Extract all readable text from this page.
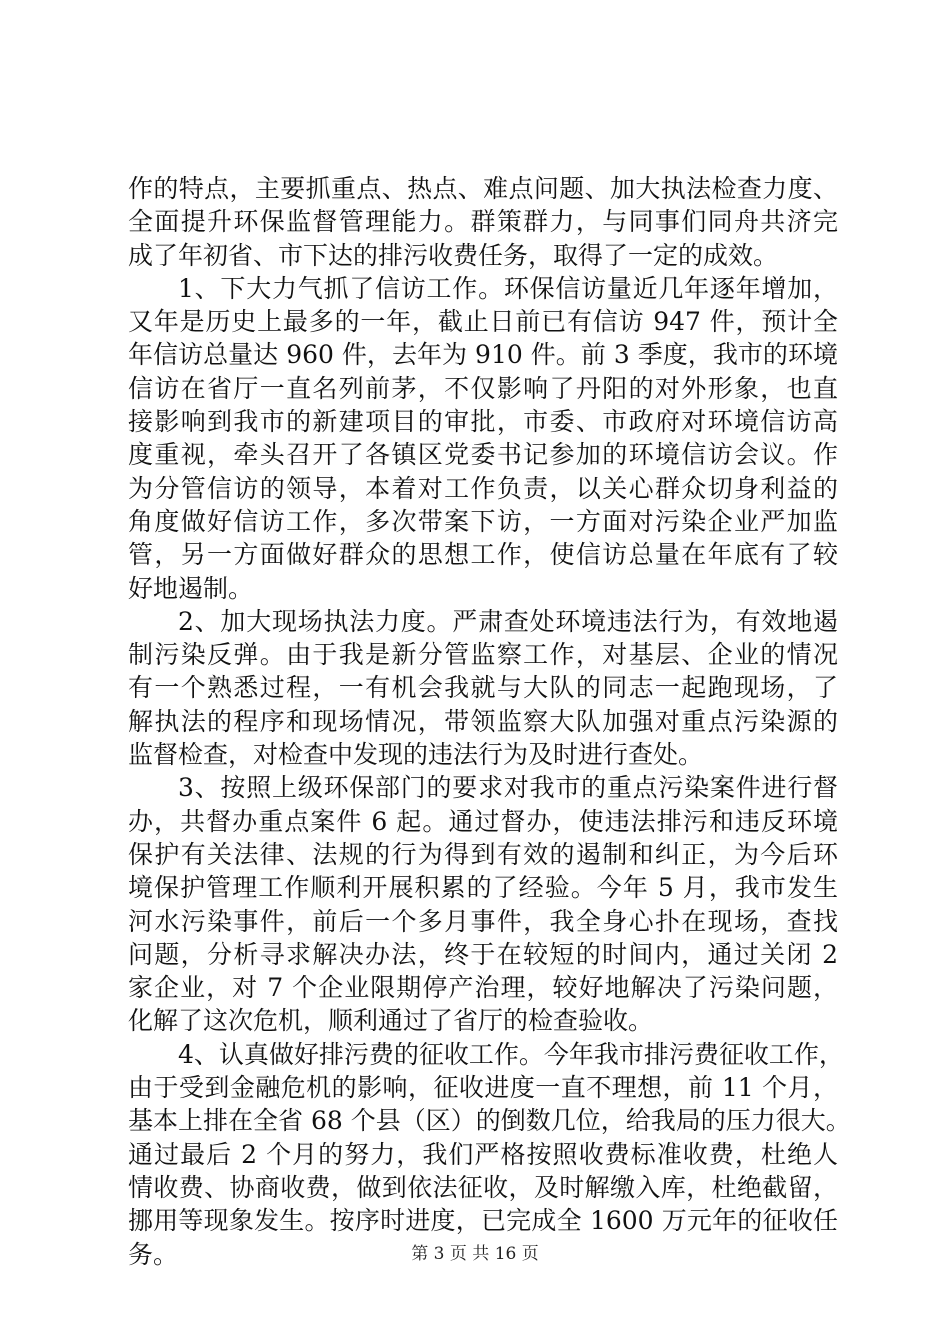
作的特点，主要抓重点、热点、难点问题、加大执法检查力度、
全面提升环保监督管理能力。群策群力，与同事们同舟共济完
成了年初省、市下达的排污收费任务，取得了一定的成效。
1、下大力气抓了信访工作。环保信访量近几年逐年增加，
又年是历史上最多的一年，截止日前已有信访 947 件，预计全
年信访总量达 960 件，去年为 910 件。前 3 季度，我市的环境
信访在省厅一直名列前茅，不仅影响了丹阳的对外形象，也直
接影响到我市的新建项目的审批，市委、市政府对环境信访高
度重视，牵头召开了各镇区党委书记参加的环境信访会议。作
为分管信访的领导，本着对工作负责，以关心群众切身利益的
角度做好信访工作，多次带案下访，一方面对污染企业严加监
管，另一方面做好群众的思想工作，使信访总量在年底有了较
好地遏制。
2、加大现场执法力度。严肃查处环境违法行为，有效地遏
制污染反弹。由于我是新分管监察工作，对基层、企业的情况
有一个熟悉过程，一有机会我就与大队的同志一起跑现场，了
解执法的程序和现场情况，带领监察大队加强对重点污染源的
监督检查，对检查中发现的违法行为及时进行查处。
3、按照上级环保部门的要求对我市的重点污染案件进行督
办，共督办重点案件 6 起。通过督办，使违法排污和违反环境
保护有关法律、法规的行为得到有效的遏制和纠正，为今后环
境保护管理工作顺利开展积累的了经验。今年 5 月，我市发生
河水污染事件，前后一个多月事件，我全身心扑在现场，查找
问题，分析寻求解决办法，终于在较短的时间内，通过关闭 2
家企业，对 7 个企业限期停产治理，较好地解决了污染问题，
化解了这次危机，顺利通过了省厅的检查验收。
4、认真做好排污费的征收工作。今年我市排污费征收工作，
由于受到金融危机的影响，征收进度一直不理想，前 11 个月，
基本上排在全省 68 个县（区）的倒数几位，给我局的压力很大。
通过最后 2 个月的努力，我们严格按照收费标准收费，杜绝人
情收费、协商收费，做到依法征收，及时解缴入库，杜绝截留，
挪用等现象发生。按序时进度，已完成全 1600 万元年的征收任
务。	第 3 页 共 16 页
